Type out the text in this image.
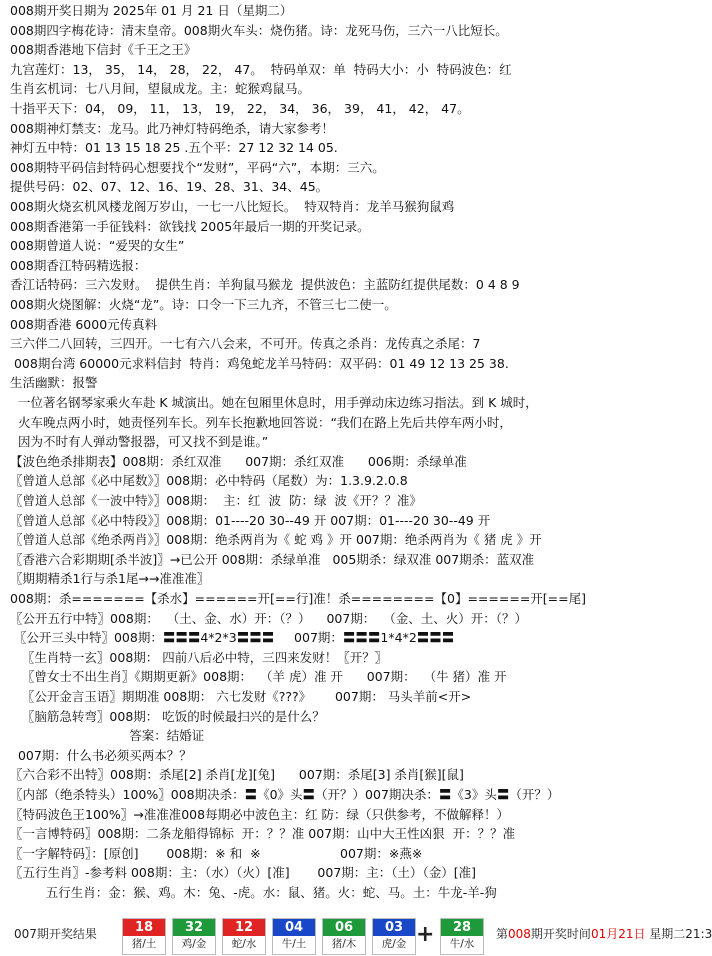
008期开奖日期为 2025年 01 月 21 日（星期二）
008期四字梅花诗：清末皇帝。008期火车头：烧伤猪。诗：龙死马伤，三六一八比短长。
008期香港地下信封《千王之王》
九宫莲灯：13， 35， 14， 28， 22， 47。  特码单双：单  特码大小：小  特码波色：红
生肖玄机词：七八月间，望鼠成龙。主：蛇猴鸡鼠马。
十指平天下：04， 09， 11， 13， 19， 22， 34， 36， 39， 41， 42， 47。
008期神灯禁支：龙马。此乃神灯特码绝杀，请大家参考！
神灯五中特：01 13 15 18 25 .五个平：27 12 32 14 05.
008期特平码信封特码心想要找个“发财”，平码“六”，本期：三六。
提供号码：02、07、12、16、19、28、31、34、45。
008期火烧玄机风楼龙阁万岁山，一七一八比短长。  特双特肖：龙羊马猴狗鼠鸡
008期香港第一手征钱料：欲钱找 2005年最后一期的开奖记录。
008期曾道人说：“爱哭的女生”
008期香江特码精选报：
香江话特码：三六发财。  提供生肖：羊狗鼠马猴龙  提供波色：主蓝防红提供尾数：0 4 8 9
008期火烧图解：火烧“龙”。诗：口令一下三九齐，不管三七二使一。
008期香港 6000元传真料
三六伴二八回转，三四开。一七有六八会来，不可开。传真之杀肖：龙传真之杀尾：7
008期台湾 60000元求料信封  特肖：鸡兔蛇龙羊马特码：双平码：01 49 12 13 25 38.
生活幽默：报警
一位著名钢琴家乘火车赴 K 城演出。她在包厢里休息时，用手弹动床边练习指法。到 K 城时，
火车晚点两小时，她责怪列车长。列车长抱歉地回答说：“我们在路上先后共停车两小时，
因为不时有人弹动警报器，可又找不到是谁。”
【波色绝杀排期表】008期：杀红双准      007期：杀红双准      006期：杀绿单准
〖曾道人总部《必中尾数》〗008期：必中特码（尾数）为：1.3.9.2.0.8
〖曾道人总部《一波中特》〗008期：  主：红  波  防：绿  波《开？？准》
〖曾道人总部《必中特段》〗008期：01----20 30--49 开 007期：01----20 30--49 开
〖曾道人总部《绝杀两肖》〗008期：绝杀两肖为《 蛇 鸡 》开 007期：绝杀两肖为《 猪 虎 》开
〖香港六合彩期期[杀半波]〗→已公开 008期：杀绿单准   005期杀：绿双准 007期杀：蓝双准
〖期期精杀1行与杀1尾→→准准准〗
008期：杀=======【杀水】======开[==行]准！杀========【0】======开[==尾]
〖公开五行中特〗008期：  （土、金、水）开：（？）    007期：  （金、土、火）开：（？）
〖公开三头中特〗008期：〓〓〓4*2*3〓〓〓     007期：〓〓〓1*4*2〓〓〓
〖生肖特一玄〗008期： 四前八后必中特，三四来发财！〖开？〗
〖曾女士不出生肖〗《期期更新》008期：  （羊 虎）准 开      007期：  （牛 猪）准 开
〖公开金言玉语〗期期准 008期： 六七发财《???》      007期： 马头羊前<开>
〖脑筋急转弯〗008期： 吃饭的时候最扫兴的是什么？
答案：结婚证
007期：什么书必须买两本？？
〖六合彩不出特〗008期：杀尾[2] 杀肖[龙][兔]      007期：杀尾[3] 杀肖[猴][鼠]
〖内部（绝杀特头）100%〗008期决杀：〓《0》头〓（开？）007期决杀：〓《3》头〓（开？）
〖特码波色王100%〗→准准准008每期必中波色主：红 防：绿（只供参考，不做解释！）
〖一言博特码〗008期：二条龙船得锦标  开：？？准 007期：山中大王性凶狠  开：？？准
〖一字解特码〗：[原创]       008期：※ 和  ※                    007期：※燕※
〖五行生肖〗-参考料 008期：主：（水）（火）[准]       007期：主：（土）（金）[准]
五行生肖：金：猴、鸡。木：兔、-虎。水：鼠、猪。火：蛇、马。土：牛龙-羊-狗
007期开奖结果	18
猪/土
32
鸡/金
12
蛇/水
04
牛/土
06
猪/木
03
虎/金 +	28
牛/水
第008期开奖时间01月21日 星期二21:3
